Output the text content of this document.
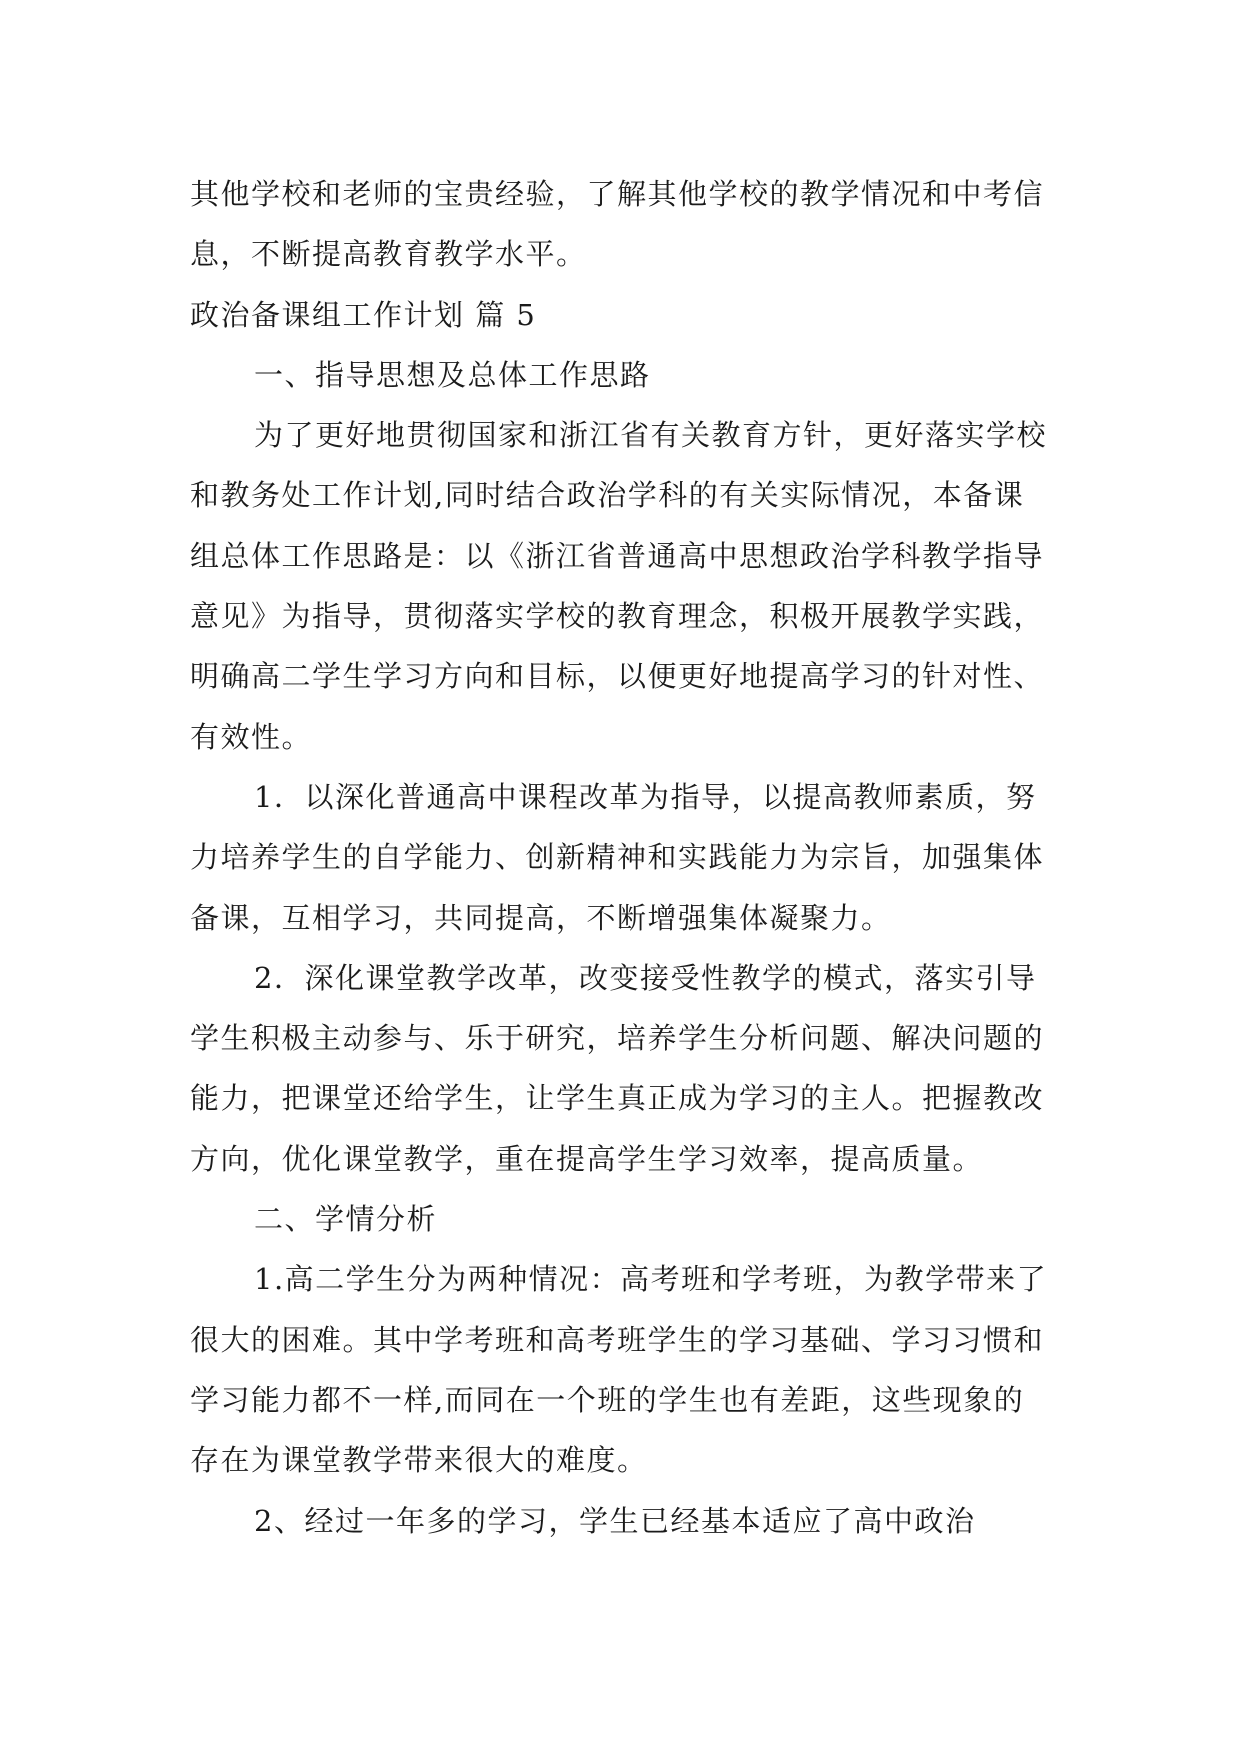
其他学校和老师的宝贵经验，了解其他学校的教学情况和中考信息，不断提高教育教学水平。

政治备课组工作计划 篇 5

一、指导思想及总体工作思路

为了更好地贯彻国家和浙江省有关教育方针，更好落实学校和教务处工作计划,同时结合政治学科的有关实际情况，本备课组总体工作思路是：以《浙江省普通高中思想政治学科教学指导意见》为指导，贯彻落实学校的教育理念，积极开展教学实践，明确高二学生学习方向和目标，以便更好地提高学习的针对性、有效性。

1．以深化普通高中课程改革为指导，以提高教师素质，努力培养学生的自学能力、创新精神和实践能力为宗旨，加强集体备课，互相学习，共同提高，不断增强集体凝聚力。

2．深化课堂教学改革，改变接受性教学的模式，落实引导学生积极主动参与、乐于研究，培养学生分析问题、解决问题的能力，把课堂还给学生，让学生真正成为学习的主人。把握教改方向，优化课堂教学，重在提高学生学习效率，提高质量。

二、学情分析

1.高二学生分为两种情况：高考班和学考班，为教学带来了很大的困难。其中学考班和高考班学生的学习基础、学习习惯和学习能力都不一样,而同在一个班的学生也有差距，这些现象的存在为课堂教学带来很大的难度。

2、经过一年多的学习，学生已经基本适应了高中政治
